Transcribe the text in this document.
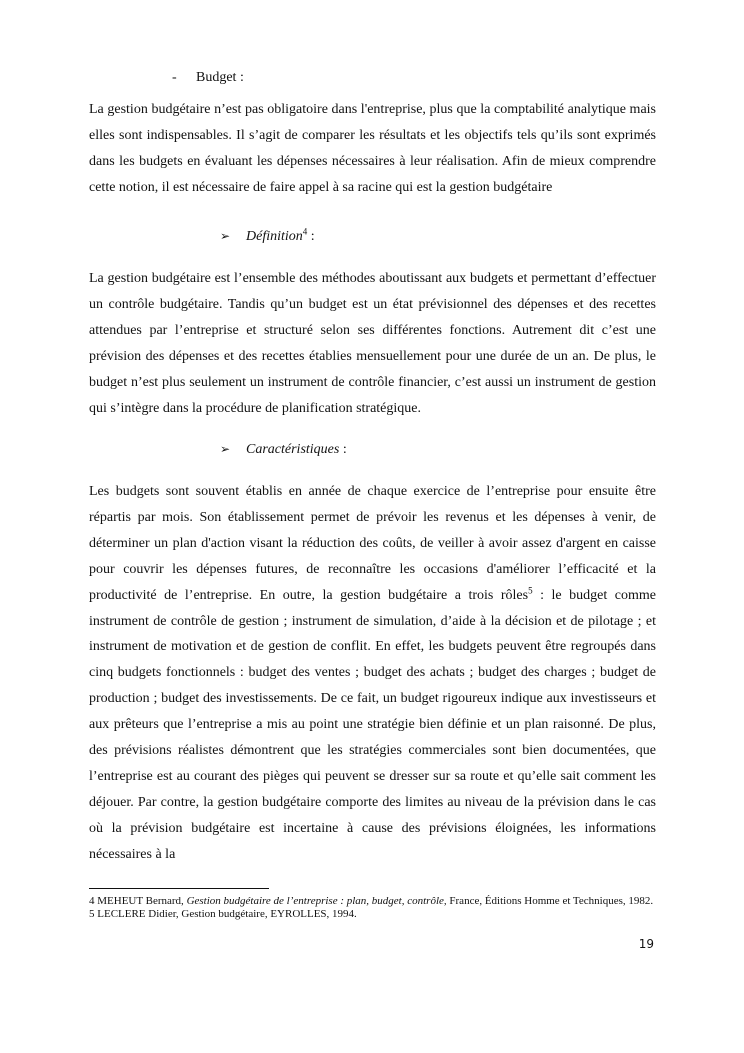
- Budget :

La gestion budgétaire n’est pas obligatoire dans l'entreprise, plus que la comptabilité analytique mais elles sont indispensables. Il s’agit de comparer les résultats et les objectifs tels qu’ils sont exprimés dans les budgets en évaluant les dépenses nécessaires à leur réalisation. Afin de mieux comprendre cette notion, il est nécessaire de faire appel à sa racine qui est la gestion budgétaire

➢ Définition$^4$ :

La gestion budgétaire est l’ensemble des méthodes aboutissant aux budgets et permettant d’effectuer un contrôle budgétaire. Tandis qu’un budget est un état prévisionnel des dépenses et des recettes attendues par l’entreprise et structuré selon ses différentes fonctions. Autrement dit c’est une prévision des dépenses et des recettes établies mensuellement pour une durée de un an. De plus, le budget n’est plus seulement un instrument de contrôle financier, c’est aussi un instrument de gestion qui s’intègre dans la procédure de planification stratégique.

➢ Caractéristiques :

Les budgets sont souvent établis en année de chaque exercice de l’entreprise pour ensuite être répartis par mois. Son établissement permet de prévoir les revenus et les dépenses à venir, de déterminer un plan d'action visant la réduction des coûts, de veiller à avoir assez d'argent en caisse pour couvrir les dépenses futures, de reconnaître les occasions d'améliorer l’efficacité et la productivité de l’entreprise. En outre, la gestion budgétaire a trois rôles$^5$ : le budget comme instrument de contrôle de gestion ; instrument de simulation, d’aide à la décision et de pilotage ; et instrument de motivation et de gestion de conflit. En effet, les budgets peuvent être regroupés dans cinq budgets fonctionnels : budget des ventes ; budget des achats ; budget des charges ; budget de production ; budget des investissements. De ce fait, un budget rigoureux indique aux investisseurs et aux prêteurs que l’entreprise a mis au point une stratégie bien définie et un plan raisonné. De plus, des prévisions réalistes démontrent que les stratégies commerciales sont bien documentées, que l’entreprise est au courant des pièges qui peuvent se dresser sur sa route et qu’elle sait comment les déjouer. Par contre, la gestion budgétaire comporte des limites au niveau de la prévision dans le cas où la prévision budgétaire est incertaine à cause des prévisions éloignées, les informations nécessaires à la

4 MEHEUT Bernard, Gestion budgétaire de l’entreprise : plan, budget, contrôle, France, Éditions Homme et Techniques, 1982.

5 LECLERE Didier, Gestion budgétaire, EYROLLES, 1994.

19
